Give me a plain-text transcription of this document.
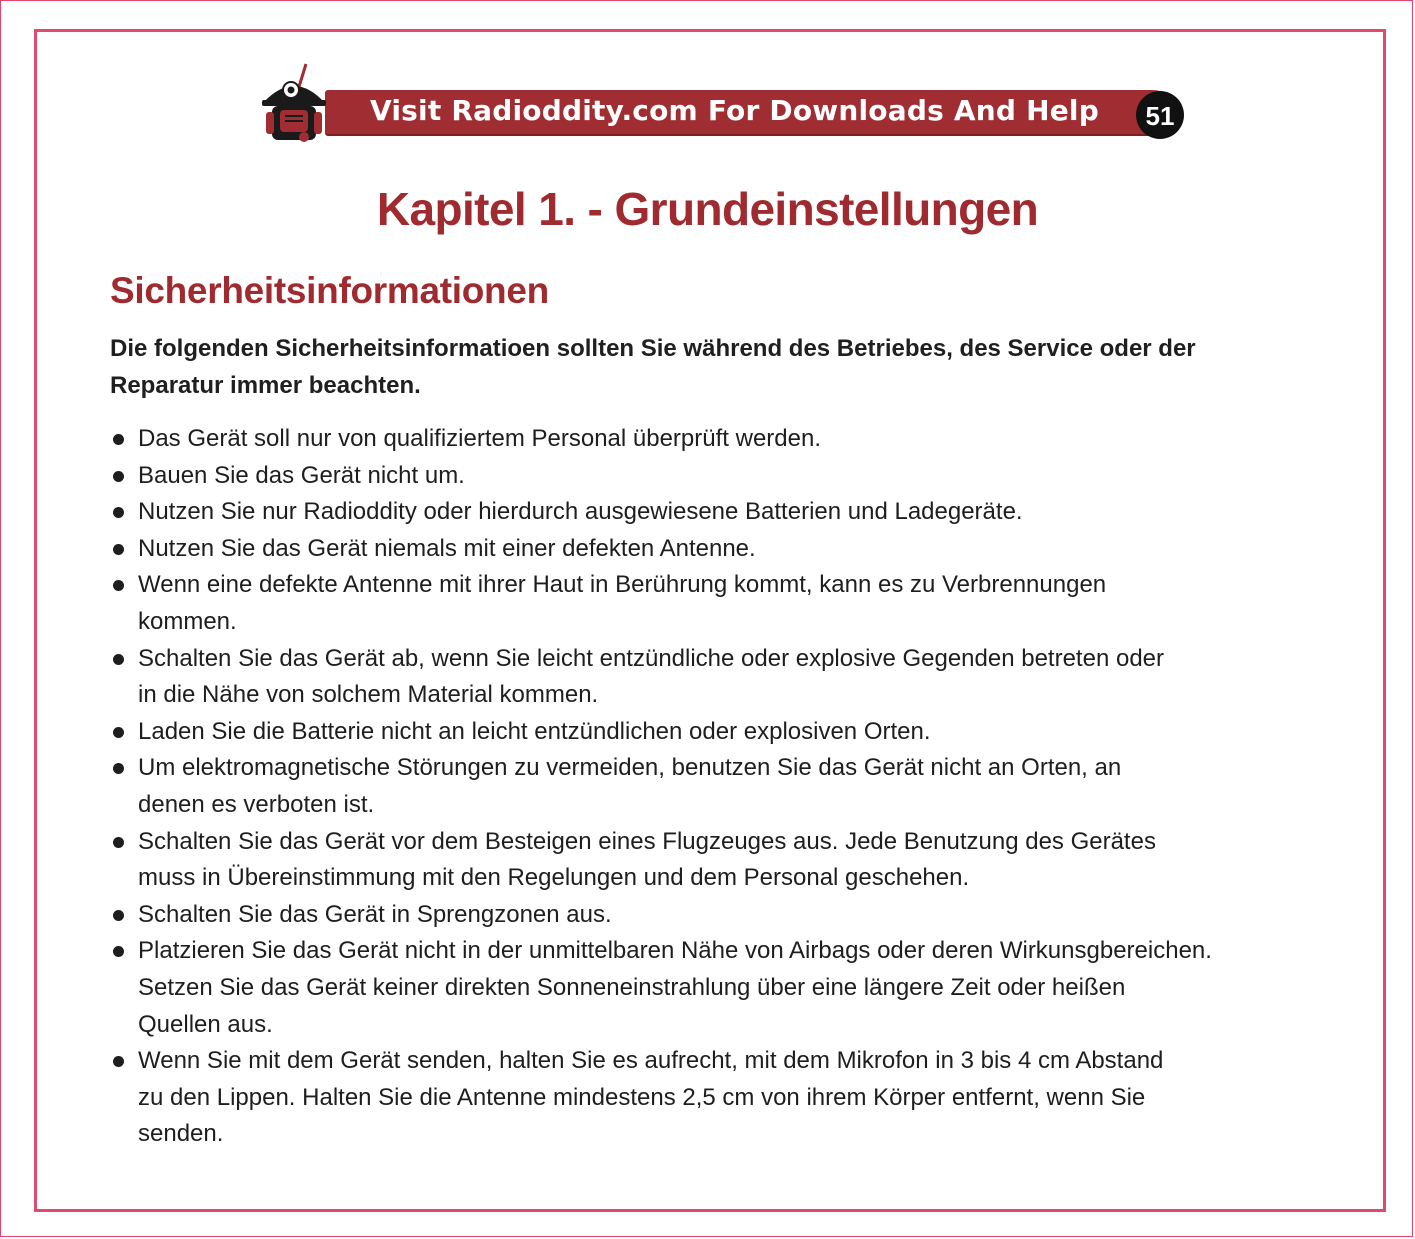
Visit Radioddity.com For Downloads And Help	51
Kapitel 1. - Grundeinstellungen
Sicherheitsinformationen

Die folgenden Sicherheitsinformatioen sollten Sie während des Betriebes, des Service oder der Reparatur immer beachten.

Das Gerät soll nur von qualifiziertem Personal überprüft werden.
Bauen Sie das Gerät nicht um.
Nutzen Sie nur Radioddity oder hierdurch ausgewiesene Batterien und Ladegeräte.
Nutzen Sie das Gerät niemals mit einer defekten Antenne.
Wenn eine defekte Antenne mit ihrer Haut in Berührung kommt, kann es zu Verbrennungen
kommen.
Schalten Sie das Gerät ab, wenn Sie leicht entzündliche oder explosive Gegenden betreten oder
in die Nähe von solchem Material kommen.
Laden Sie die Batterie nicht an leicht entzündlichen oder explosiven Orten.
Um elektromagnetische Störungen zu vermeiden, benutzen Sie das Gerät nicht an Orten, an
denen es verboten ist.
Schalten Sie das Gerät vor dem Besteigen eines Flugzeuges aus. Jede Benutzung des Gerätes
muss in Übereinstimmung mit den Regelungen und dem Personal geschehen.
Schalten Sie das Gerät in Sprengzonen aus.
Platzieren Sie das Gerät nicht in der unmittelbaren Nähe von Airbags oder deren Wirkunsgbereichen.
Setzen Sie das Gerät keiner direkten Sonneneinstrahlung über eine längere Zeit oder heißen
Quellen aus.
Wenn Sie mit dem Gerät senden, halten Sie es aufrecht, mit dem Mikrofon in 3 bis 4 cm Abstand
zu den Lippen. Halten Sie die Antenne mindestens 2,5 cm von ihrem Körper entfernt, wenn Sie
senden.
